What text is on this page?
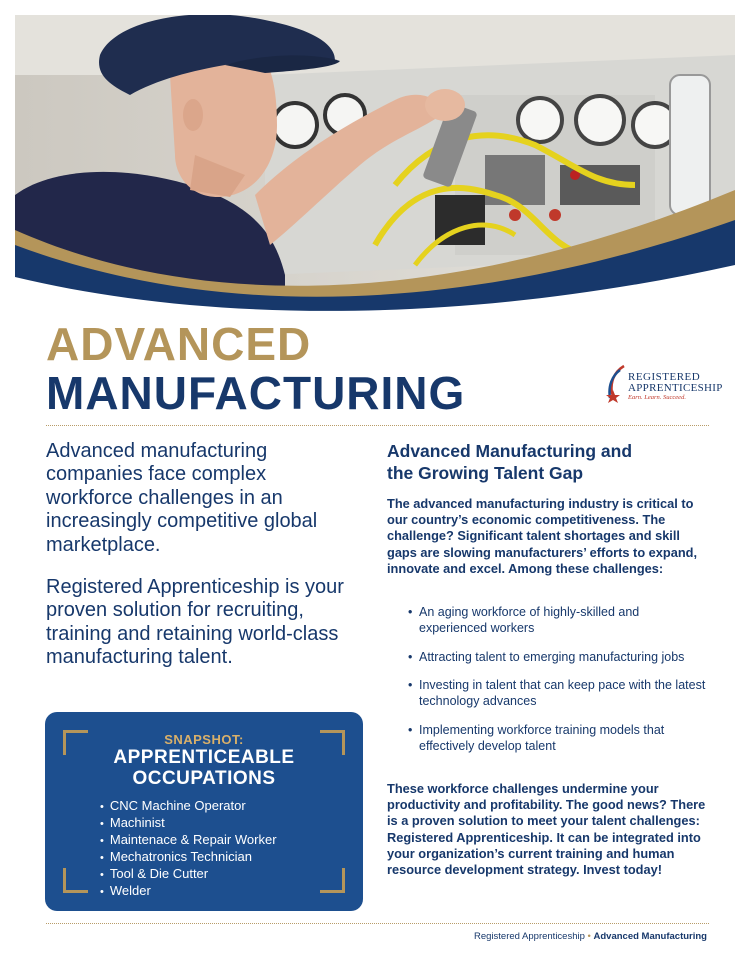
ADVANCED
MANUFACTURING	REGISTERED
APPRENTICESHIP
Earn. Learn. Succeed.

Advanced manufacturing companies face complex workforce challenges in an increasingly competitive global marketplace.

Registered Apprenticeship is your proven solution for recruiting, training and retaining world-class manufacturing talent.

SNAPSHOT:
APPRENTICEABLE
OCCUPATIONS
• CNC Machine Operator
• Machinist
• Maintenace & Repair Worker
• Mechatronics Technician
• Tool & Die Cutter
• Welder
Advanced Manufacturing and
the Growing Talent Gap

The advanced manufacturing industry is critical to our country’s economic competitiveness. The challenge? Significant talent shortages and skill gaps are slowing manufacturers’ efforts to expand, innovate and excel. Among these challenges:

• An aging workforce of highly-skilled and experienced workers
• Attracting talent to emerging manufacturing jobs
• Investing in talent that can keep pace with the latest technology advances
• Implementing workforce training models that effectively develop talent

These workforce challenges undermine your productivity and profitability. The good news? There is a proven solution to meet your talent challenges: Registered Apprenticeship. It can be integrated into your organization’s current training and human resource development strategy. Invest today!

Registered Apprenticeship • Advanced Manufacturing
